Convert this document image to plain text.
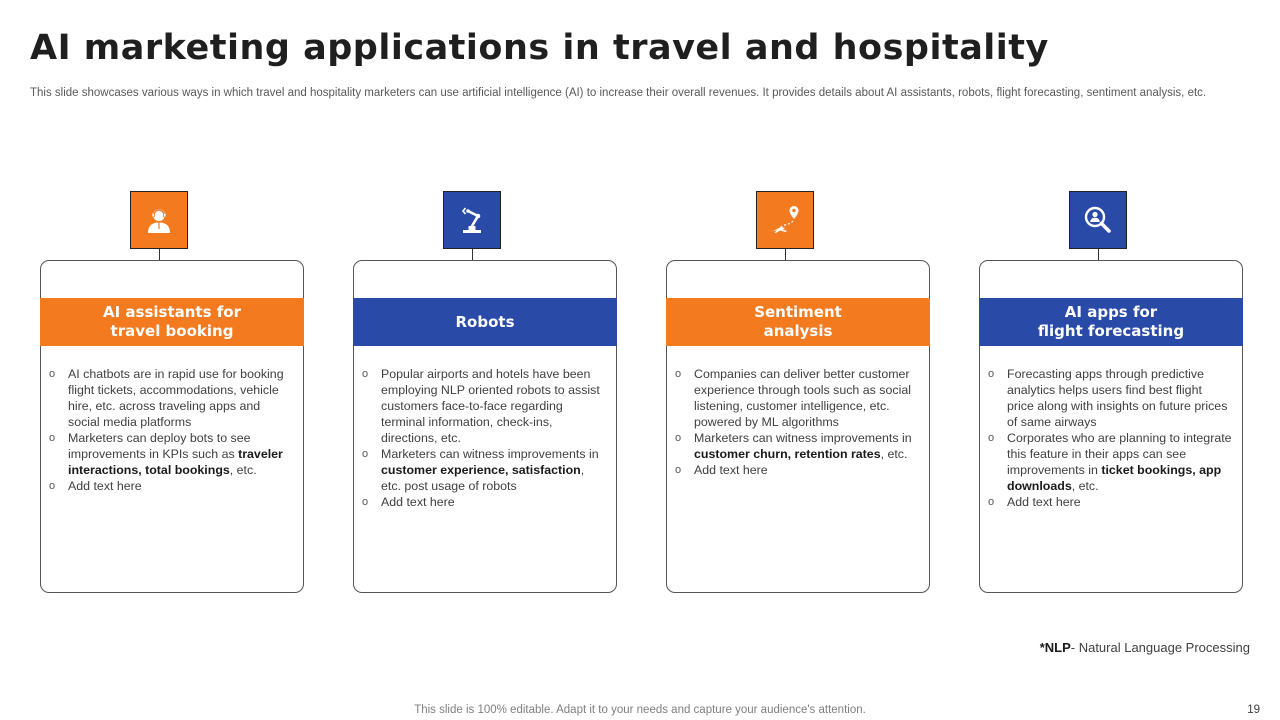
AI marketing applications in travel and hospitality

This slide showcases various ways in which travel and hospitality marketers can use artificial intelligence (AI) to increase their overall revenues. It provides details about AI assistants, robots, flight forecasting, sentiment analysis, etc.

AI assistants for
travel booking
o AI chatbots are in rapid use for booking flight tickets, accommodations, vehicle hire, etc. across traveling apps and social media platforms
o Marketers can deploy bots to see improvements in KPIs such as traveler interactions, total bookings, etc.
o Add text here
Robots
o Popular airports and hotels have been employing NLP oriented robots to assist customers face-to-face regarding terminal information, check-ins, directions, etc.
o Marketers can witness improvements in customer experience, satisfaction, etc. post usage of robots
o Add text here
Sentiment
analysis
o Companies can deliver better customer experience through tools such as social listening, customer intelligence, etc. powered by ML algorithms
o Marketers can witness improvements in customer churn, retention rates, etc.
o Add text here
AI apps for
flight forecasting
o Forecasting apps through predictive analytics helps users find best flight price along with insights on future prices of same airways
o Corporates who are planning to integrate this feature in their apps can see improvements in ticket bookings, app downloads, etc.
o Add text here
*NLP- Natural Language Processing
This slide is 100% editable. Adapt it to your needs and capture your audience's attention.	19
